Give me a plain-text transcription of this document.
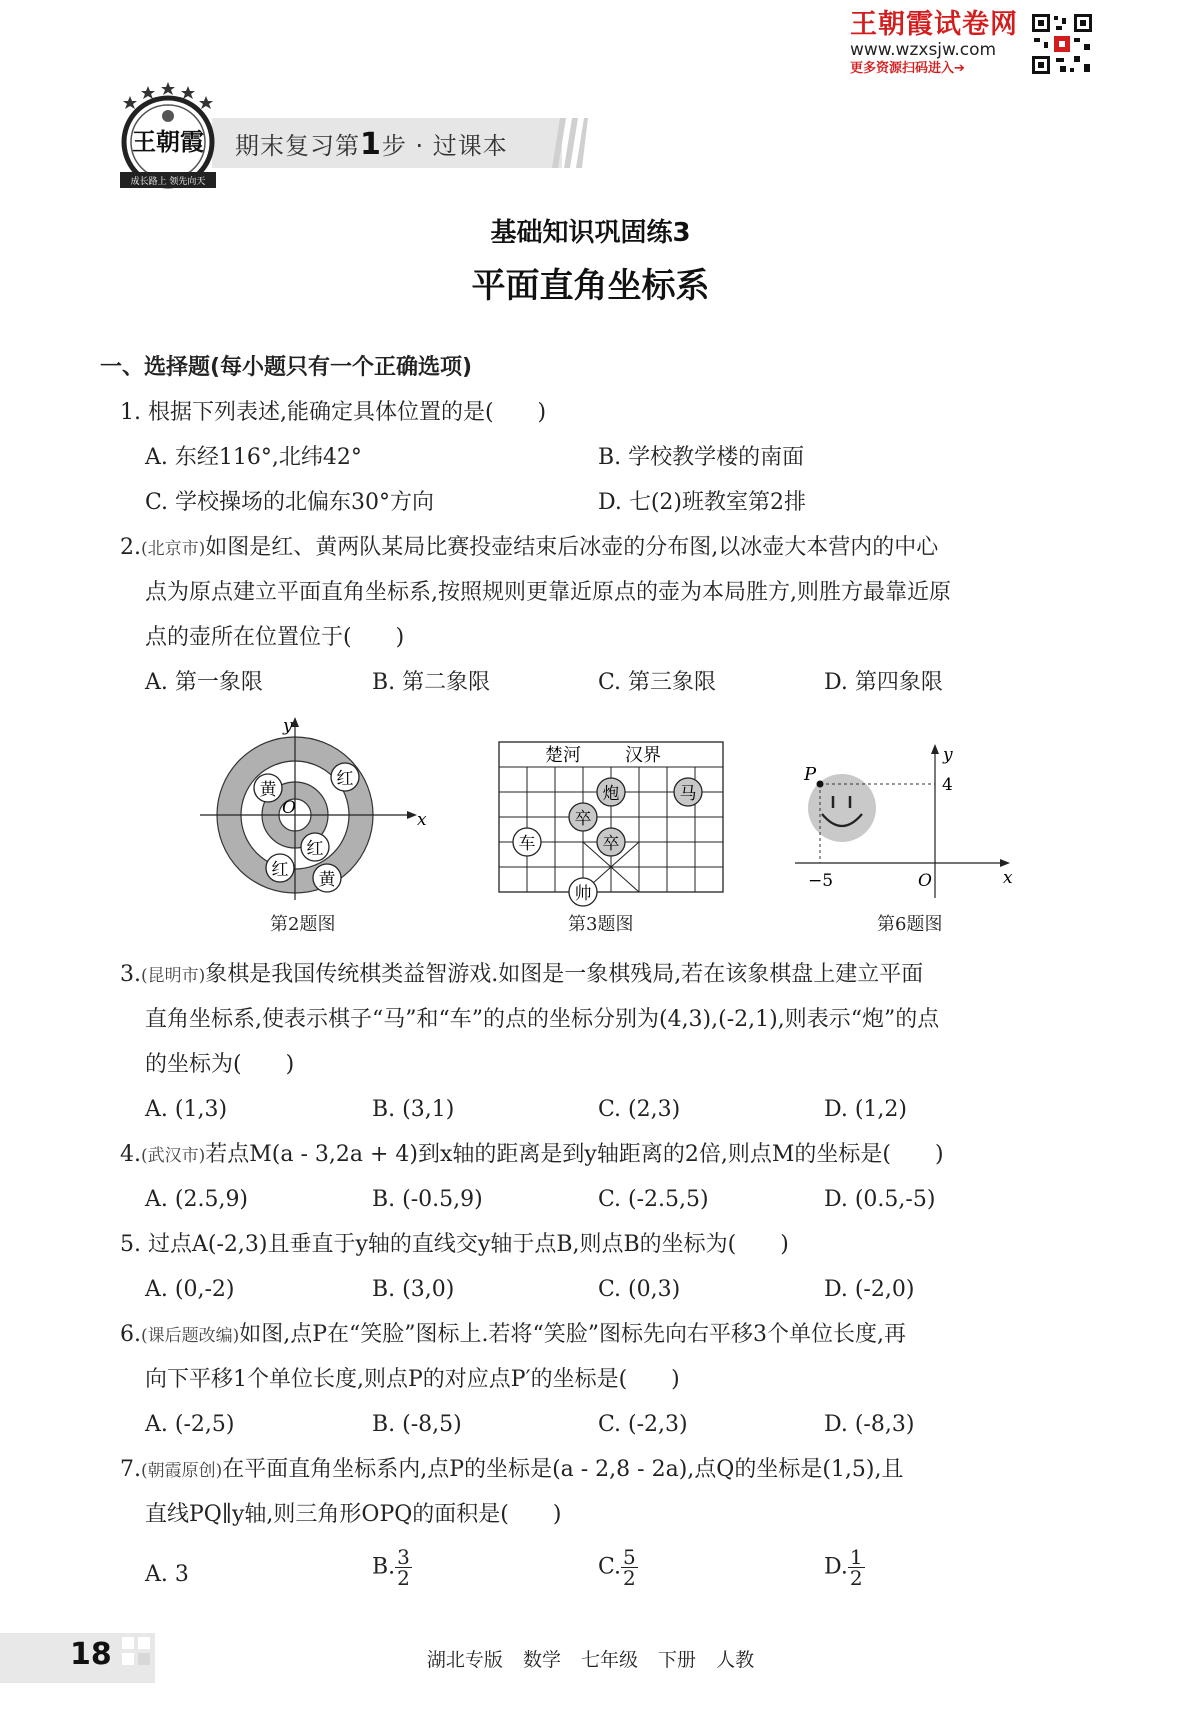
王朝霞试卷网
www.wzxsjw.com
更多资源扫码进入➔
期末复习第1步 · 过课本
王朝霞
成长路上 领先向天
基础知识巩固练3
平面直角坐标系
一、选择题(每小题只有一个正确选项)
1. 根据下列表述,能确定具体位置的是(　　)
A. 东经116°,北纬42°	B. 学校教学楼的南面
C. 学校操场的北偏东30°方向	D. 七(2)班教室第2排
2.(北京市)如图是红、黄两队某局比赛投壶结束后冰壶的分布图,以冰壶大本营内的中心
点为原点建立平面直角坐标系,按照规则更靠近原点的壶为本局胜方,则胜方最靠近原
点的壶所在位置位于(　　)
A. 第一象限	B. 第二象限	C. 第三象限	D. 第四象限
x
y
O
黄
红
红
红 黄
第2题图
楚河 汉界
炮	马
卒
卒
车
帅
第3题图
P	4
−5	O	x
y
第6题图
3.(昆明市)象棋是我国传统棋类益智游戏.如图是一象棋残局,若在该象棋盘上建立平面
直角坐标系,使表示棋子“马”和“车”的点的坐标分别为(4,3),(-2,1),则表示“炮”的点
的坐标为(　　)
A. (1,3)	B. (3,1)	C. (2,3)	D. (1,2)
4.(武汉市)若点M(a - 3,2a + 4)到x轴的距离是到y轴距离的2倍,则点M的坐标是(　　)
A. (2.5,9)	B. (-0.5,9)	C. (-2.5,5)	D. (0.5,-5)
5. 过点A(-2,3)且垂直于y轴的直线交y轴于点B,则点B的坐标为(　　)
A. (0,-2)	B. (3,0)	C. (0,3)	D. (-2,0)
6.(课后题改编)如图,点P在“笑脸”图标上.若将“笑脸”图标先向右平移3个单位长度,再
向下平移1个单位长度,则点P的对应点P′的坐标是(　　)
A. (-2,5)	B. (-8,5)	C. (-2,3)	D. (-8,3)
7.(朝霞原创)在平面直角坐标系内,点P的坐标是(a - 2,8 - 2a),点Q的坐标是(1,5),且
直线PQ∥y轴,则三角形OPQ的面积是(　　)
A. 3	B. $\frac{3}{2}$	C. $\frac{5}{2}$	D. $\frac{1}{2}$
18	湖北专版 数学 七年级 下册 人教
